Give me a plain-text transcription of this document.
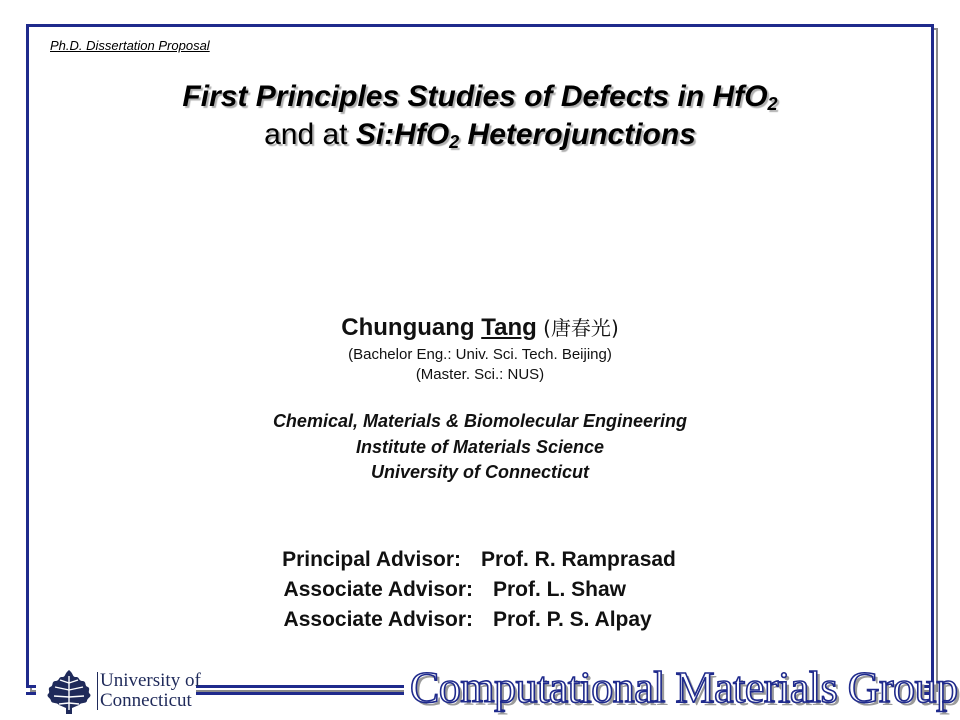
Ph.D. Dissertation Proposal
First Principles Studies of Defects in HfO$_2$
and at Si:HfO$_2$ Heterojunctions
Chunguang Tang (唐春光)
(Bachelor Eng.: Univ. Sci. Tech. Beijing)
(Master. Sci.: NUS)
Chemical, Materials & Biomolecular Engineering
Institute of Materials Science
University of Connecticut
Principal Advisor: Prof. R. Ramprasad
Associate Advisor: Prof. L. Shaw
Associate Advisor: Prof. P. S. Alpay
University of
Connecticut	Computational Materials Group
